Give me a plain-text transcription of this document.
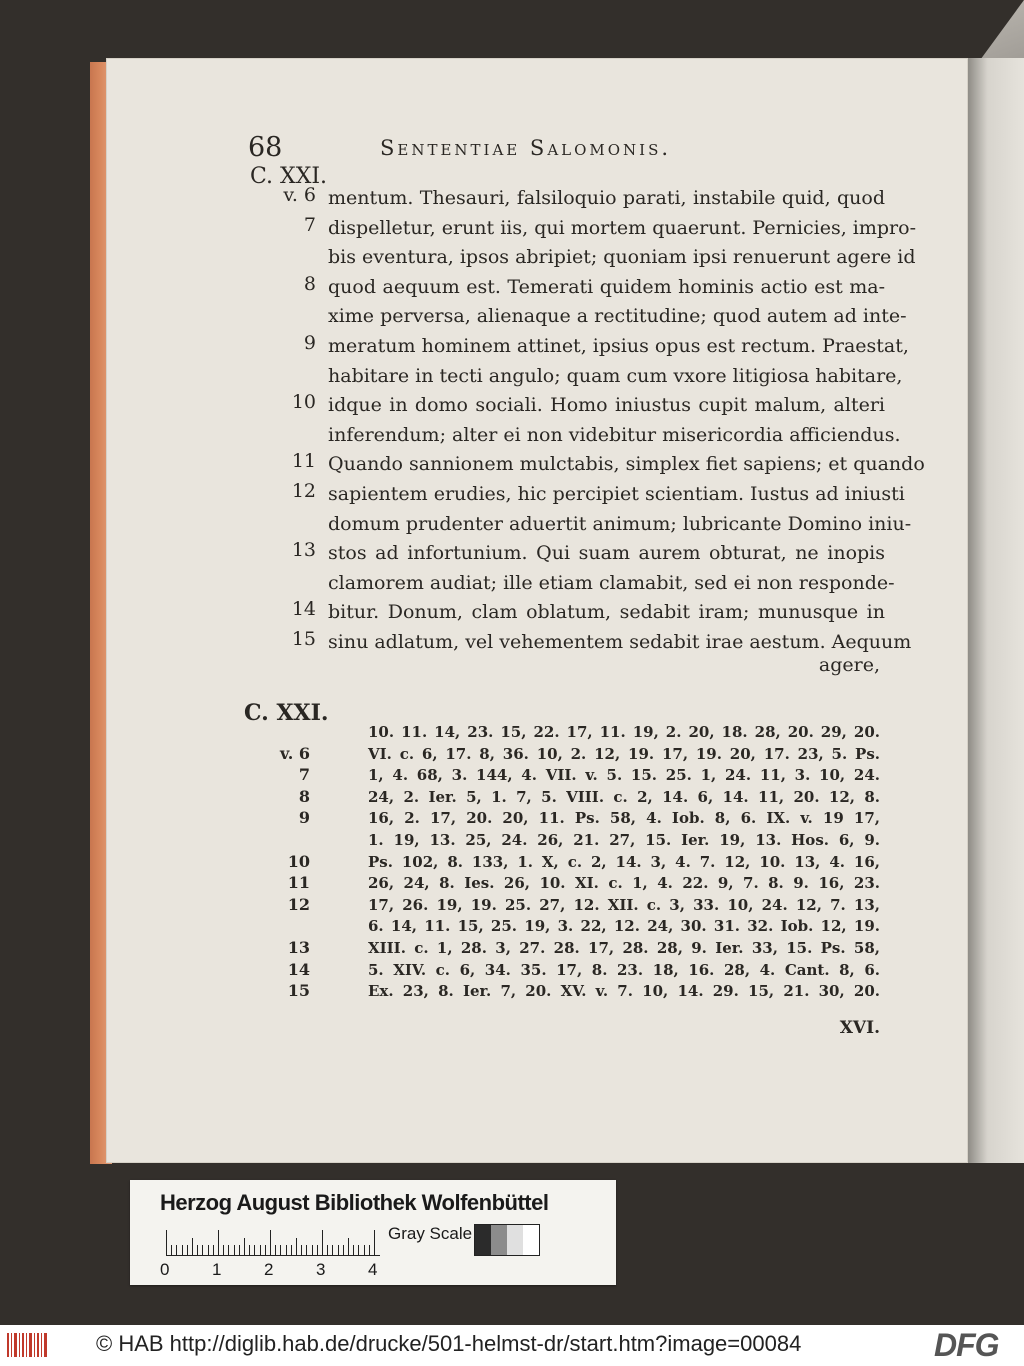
68	Sententiae Salomonis.
C. XXI.
v. 6 mentum. Thesauri, falsiloquio parati, instabile quid, quod
7 dispelletur, erunt iis, qui mortem quaerunt. Pernicies, impro-
bis eventura, ipsos abripiet; quoniam ipsi renuerunt agere id
8 quod aequum est. Temerati quidem hominis actio est ma-
xime perversa, alienaque a rectitudine; quod autem ad inte-
9 meratum hominem attinet, ipsius opus est rectum. Praestat,
habitare in tecti angulo; quam cum vxore litigiosa habitare,
10 idque in domo sociali. Homo iniustus cupit malum, alteri
inferendum; alter ei non videbitur misericordia afficiendus.
11 Quando sannionem mulctabis, simplex fiet sapiens; et quando
12 sapientem erudies, hic percipiet scientiam. Iustus ad iniusti
domum prudenter aduertit animum; lubricante Domino iniu-
13 stos ad infortunium. Qui suam aurem obturat, ne inopis
clamorem audiat; ille etiam clamabit, sed ei non responde-
14 bitur. Donum, clam oblatum, sedabit iram; munusque in
15 sinu adlatum, vel vehementem sedabit irae aestum. Aequum
agere,
C. XXI.
10. 11. 14, 23. 15, 22. 17, 11. 19, 2. 20, 18. 28, 20. 29, 20.
v. 6	VI. c. 6, 17. 8, 36. 10, 2. 12, 19. 17, 19. 20, 17. 23, 5. Ps.
7	1, 4. 68, 3. 144, 4. VII. v. 5. 15. 25. 1, 24. 11, 3. 10, 24.
8	24, 2. Ier. 5, 1. 7, 5. VIII. c. 2, 14. 6, 14. 11, 20. 12, 8.
9	16, 2. 17, 20. 20, 11. Ps. 58, 4. Iob. 8, 6. IX. v. 19 17,
1. 19, 13. 25, 24. 26, 21. 27, 15. Ier. 19, 13. Hos. 6, 9.
10	Ps. 102, 8. 133, 1. X, c. 2, 14. 3, 4. 7. 12, 10. 13, 4. 16,
11	26, 24, 8. Ies. 26, 10. XI. c. 1, 4. 22. 9, 7. 8. 9. 16, 23.
12	17, 26. 19, 19. 25. 27, 12. XII. c. 3, 33. 10, 24. 12, 7. 13,
6. 14, 11. 15, 25. 19, 3. 22, 12. 24, 30. 31. 32. Iob. 12, 19.
13	XIII. c. 1, 28. 3, 27. 28. 17, 28. 28, 9. Ier. 33, 15. Ps. 58,
14	5. XIV. c. 6, 34. 35. 17, 8. 23. 18, 16. 28, 4. Cant. 8, 6.
15	Ex. 23, 8. Ier. 7, 20. XV. v. 7. 10, 14. 29. 15, 21. 30, 20.
XVI.
Herzog August Bibliothek Wolfenbüttel
0	1	2	3	4
Gray Scale
© HAB http://diglib.hab.de/drucke/501-helmst-dr/start.htm?image=00084	DFG
